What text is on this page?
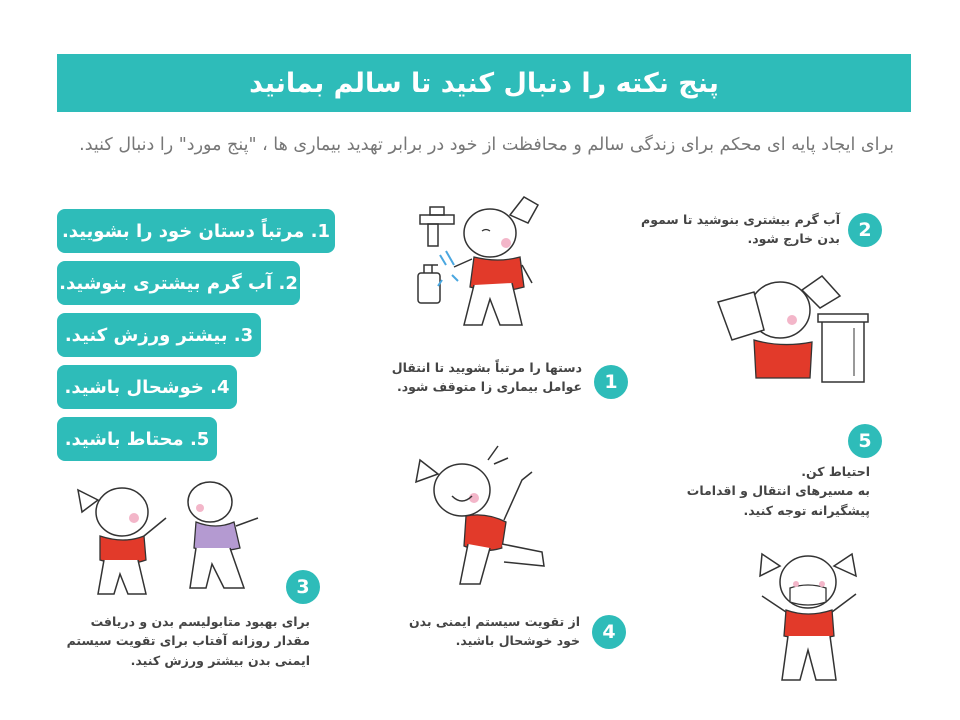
پنج نکته را دنبال کنید تا سالم بمانید
برای ایجاد پایه ای محکم برای زندگی سالم و محافظت از خود در برابر تهدید بیماری ها ، "پنج مورد" را دنبال کنید.
1. مرتباً دستان خود را بشویید.
2. آب گرم بیشتری بنوشید.
3. بیشتر ورزش کنید.
4. خوشحال باشید.
5. محتاط باشید.
1
دستها را مرتباً بشویید تا انتقال
عوامل بیماری زا متوقف شود.
2
آب گرم بیشتری بنوشید تا سموم
بدن خارج شود.
3
برای بهبود متابولیسم بدن و دریافت
مقدار روزانه آفتاب برای تقویت سیستم
ایمنی بدن بیشتر ورزش کنید.
4
از تقویت سیستم ایمنی بدن
خود خوشحال باشید.
5
احتیاط کن.
به مسیرهای انتقال و اقدامات
پیشگیرانه توجه کنید.
